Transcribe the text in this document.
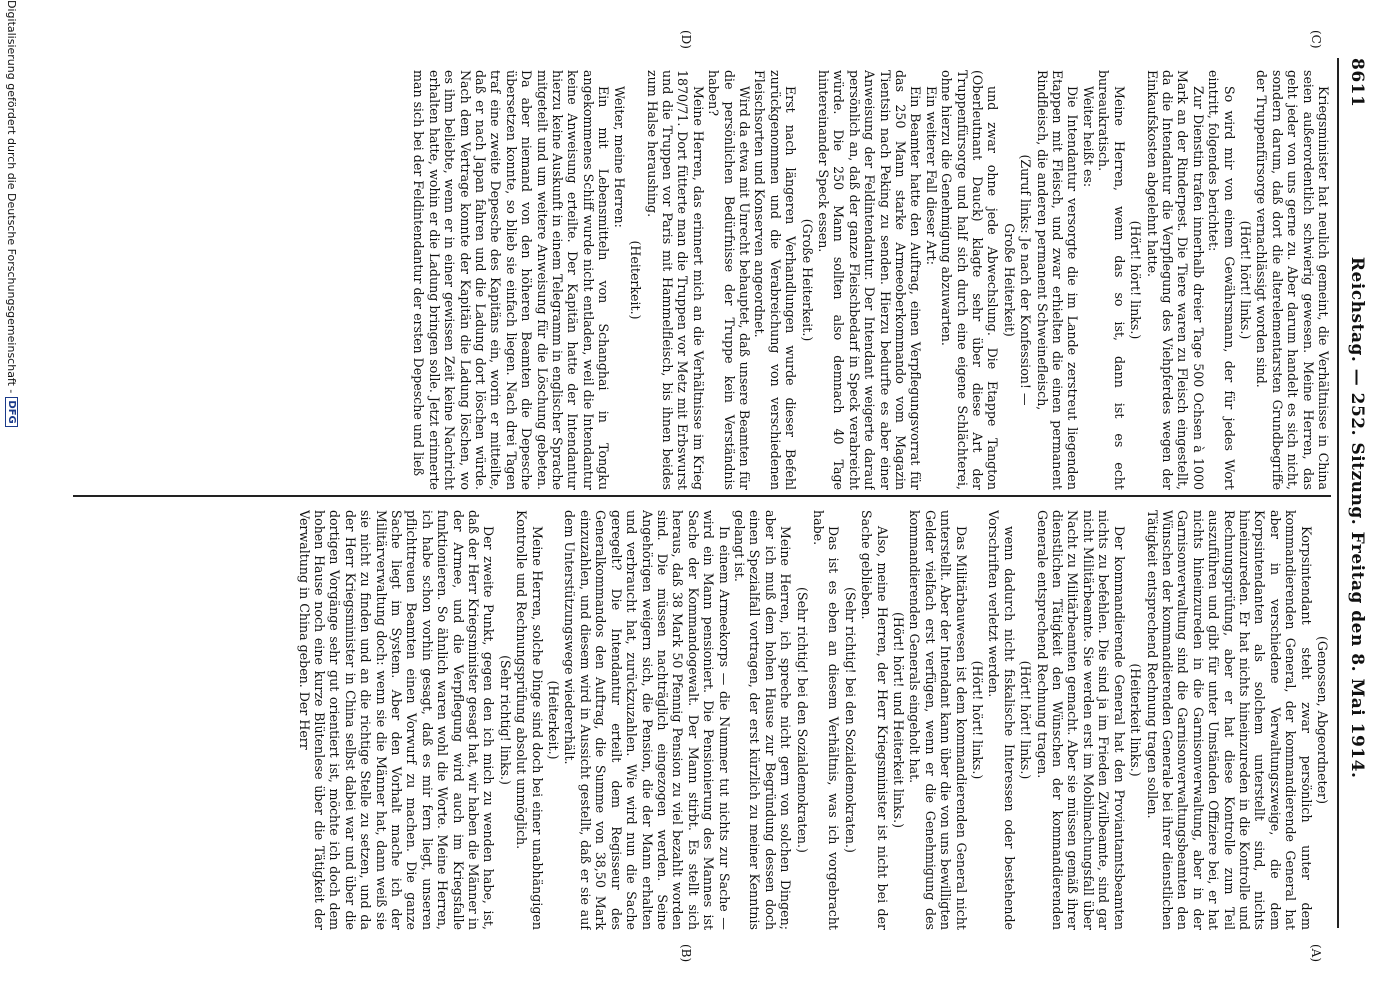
8611
Reichstag. — 252. Sitzung. Freitag den 8. Mai 1914.

Kriegsminister hat neulich gemeint, die Verhältnisse in China seien außerordentlich schwierig gewesen. Meine Herren, das geht jeder von uns gerne zu. Aber darum handelt es sich nicht, sondern darum, daß dort die alterelementarsten Grundbegriffe der Truppenfürsorge vernachlässigt worden sind.

(Hört! hört! links.)

So wird mir von einem Gewährsmann, der für jedes Wort eintritt, folgendes berichtet:

Zur Dienstin trafen innerhalb dreier Tage 500 Ochsen à 1000 Mark an der Rinderpest. Die Tiere waren zu Fleisch eingestellt, da die Intendantur die Verpflegung des Viehpferdes wegen der Einkaufskosten abgelehnt hatte.

(Hört! hört! links.)

Meine Herren, wenn das so ist, dann ist es echt bureaukratisch.

Weiter heißt es:

Die Intendantur versorgte die im Lande zerstreut liegenden Etappen mit Fleisch, und zwar erhielten die einen permanent Rindfleisch, die anderen permanent Schweinefleisch,

(Zuruf links: Je nach der Konfession! —

Große Heiterkeit)

und zwar ohne jede Abwechslung. Die Etappe Tangton (Oberleutnant Dauck) klagte sehr über diese Art der Truppenfürsorge und half sich durch eine eigene Schlächterei, ohne hierzu die Genehmigung abzuwarten.

Ein weiterer Fall dieser Art:

Ein Beamter hatte den Auftrag, einen Verpflegungsvorrat für das 250 Mann starke Armeeoberkommando vom Magazin Tientsin nach Peking zu senden. Hierzu bedurfte es aber einer Anweisung der Feldintendantur. Der Intendant weigerte darauf persönlich an, daß der ganze Fleischbedarf in Speck verabreicht würde. Die 250 Mann sollten also demnach 40 Tage hintereinander Speck essen.

(Große Heiterkeit.)

Erst nach längeren Verhandlungen wurde dieser Befehl zurückgenommen und die Verabreichung von verschiedenen Fleischsorten und Konserven angeordnet.

Wird da etwa mit Unrecht behauptet, daß unsere Beamten für die persönlichen Bedürfnisse der Truppe kein Verständnis haben?

Meine Herren, das erinnert mich an die Verhältnisse im Krieg 1870/71. Dort fütterte man die Truppen vor Metz mit Erbswurst und die Truppen vor Paris mit Hammelfleisch, bis ihnen beides zum Halse heraushing.

(Heiterkeit.)

Weiter, meine Herren:

Ein mit Lebensmitteln von Schanghai in Tongku angekommenes Schiff wurde nicht entladen, weil die Intendantur keine Anweisung erteilte. Der Kapitän hatte der Intendantur hierzu keine Auskunft in einem Telegramm in englischer Sprache mitgeteilt und um weitere Anweisung für die Löschung gebeten. Da aber niemand von den höheren Beamten die Depesche übersetzen konnte, so blieb sie einfach liegen. Nach drei Tagen traf eine zweite Depesche des Kapitäns ein, worin er mitteilte, daß er nach Japan fahren und die Ladung dort löschen würde. Nach dem Vertrage konnte der Kapitän die Ladung löschen, wo es ihm beliebte, wenn er in einer gewissen Zeit keine Nachricht erhalten hatte, wohin er die Ladung bringen solle. Jetzt erinnerte man sich bei der Feldintendantur der ersten Depesche und ließ

(Genossen, Abgeordneter)

Korpsintendant steht zwar persönlich unter dem kommandierenden General, der kommandierende General hat aber in verschiedene Verwaltungszweige, die dem Korpsintendanten als solchem unterstellt sind, nichts hineinzureden. Er hat nichts hineinzureden in die Kontrolle und Rechnungsprüfung, aber er hat diese Kontrolle zum Teil auszuführen und gibt für unter Umständen Offiziere bei, er hat nichts hineinzureden in die Garnisonverwaltung, aber in der Garnisonverwaltung sind die Garnisonverwaltungsbeamten den Wünschen der kommandierenden Generale bei ihrer dienstlichen Tätigkeit entsprechend Rechnung tragen sollen.

(Heiterkeit links.)

Der kommandierende General hat den Proviantamtsbeamten nichts zu befehlen. Die sind ja im Frieden Zivilbeamte, sind gar nicht Militärbeamte. Sie werden erst im Mobilmachungsfall über Nacht zu Militärbeamten gemacht. Aber sie müssen gemäß ihrer dienstlichen Tätigkeit den Wünschen der kommandierenden Generale entsprechend Rechnung tragen.

(Hört! hört! links.)

wenn dadurch nicht fiskalische Interessen oder bestehende Vorschriften verletzt werden.

(Hört! hört! links.)

Das Militärbauwesen ist dem kommandierenden General nicht unterstellt. Aber der Intendant kann über die von uns bewilligten Gelder vielfach erst verfügen, wenn er die Genehmigung des kommandierenden Generals eingeholt hat.

(Hört! hört! und Heiterkeit links.)

Also, meine Herren, der Herr Kriegsminister ist nicht bei der Sache geblieben.

(Sehr richtig! bei den Sozialdemokraten.)

Das ist es eben an diesem Verhältnis, was ich vorgebracht habe.

(Sehr richtig! bei den Sozialdemokraten.)

Meine Herren, ich spreche nicht gern von solchen Dingen; aber ich muß dem hohen Hause zur Begründung dessen doch einen Spezialfall vortragen, der erst kürzlich zu meiner Kenntnis gelangt ist.

In einem Armeekorps — die Nummer tut nichts zur Sache — wird ein Mann pensioniert. Die Pensionierung des Mannes ist Sache der Kommandogewalt. Der Mann stirbt. Es stellt sich heraus, daß 38 Mark 50 Pfennig Pension zu viel bezahlt worden sind. Die müssen nachträglich eingezogen werden. Seine Angehörigen weigern sich, die Pension, die der Mann erhalten und verbraucht hat, zurückzuzahlen. Wie wird nun die Sache geregelt? Die Intendantur erteilt dem Regisseur des Generalkommandos den Auftrag, die Summe von 38,50 Mark einzuzahlen, und diesem wird in Aussicht gestellt, daß er sie auf dem Unterstützungswege wiedererhält.

(Heiterkeit.)

Meine Herren, solche Dinge sind doch bei einer unabhängigen Kontrolle und Rechnungsprüfung absolut unmöglich.

(Sehr richtig! links.)

Der zweite Punkt, gegen den ich mich zu wenden habe, ist, daß der Herr Kriegsminister gesagt hat, wir haben die Männer in der Armee, und die Verpflegung wird auch im Kriegsfalle funktionieren. So ähnlich waren wohl die Worte. Meine Herren, ich habe schon vorhin gesagt, daß es mir fern liegt, unseren pflichttreuen Beamten einen Vorwurf zu machen. Die ganze Sache liegt im System. Aber den Vorhalt mache ich der Militärverwaltung doch: wenn sie die Männer hat, dann weiß sie sie nicht zu finden und an die richtige Stelle zu setzen, und da der Herr Kriegsminister in China selbst dabei war und über die dortigen Vorgänge sehr gut orientiert ist, möchte ich doch dem hohen Hause noch eine kurze Blütenlese über die Tätigkeit der Verwaltung in China geben. Der Herr

(A)
(B)
(C)
(D)
Digitalisierung gefördert durch die Deutsche Forschungsgemeinschaft -
DFG
